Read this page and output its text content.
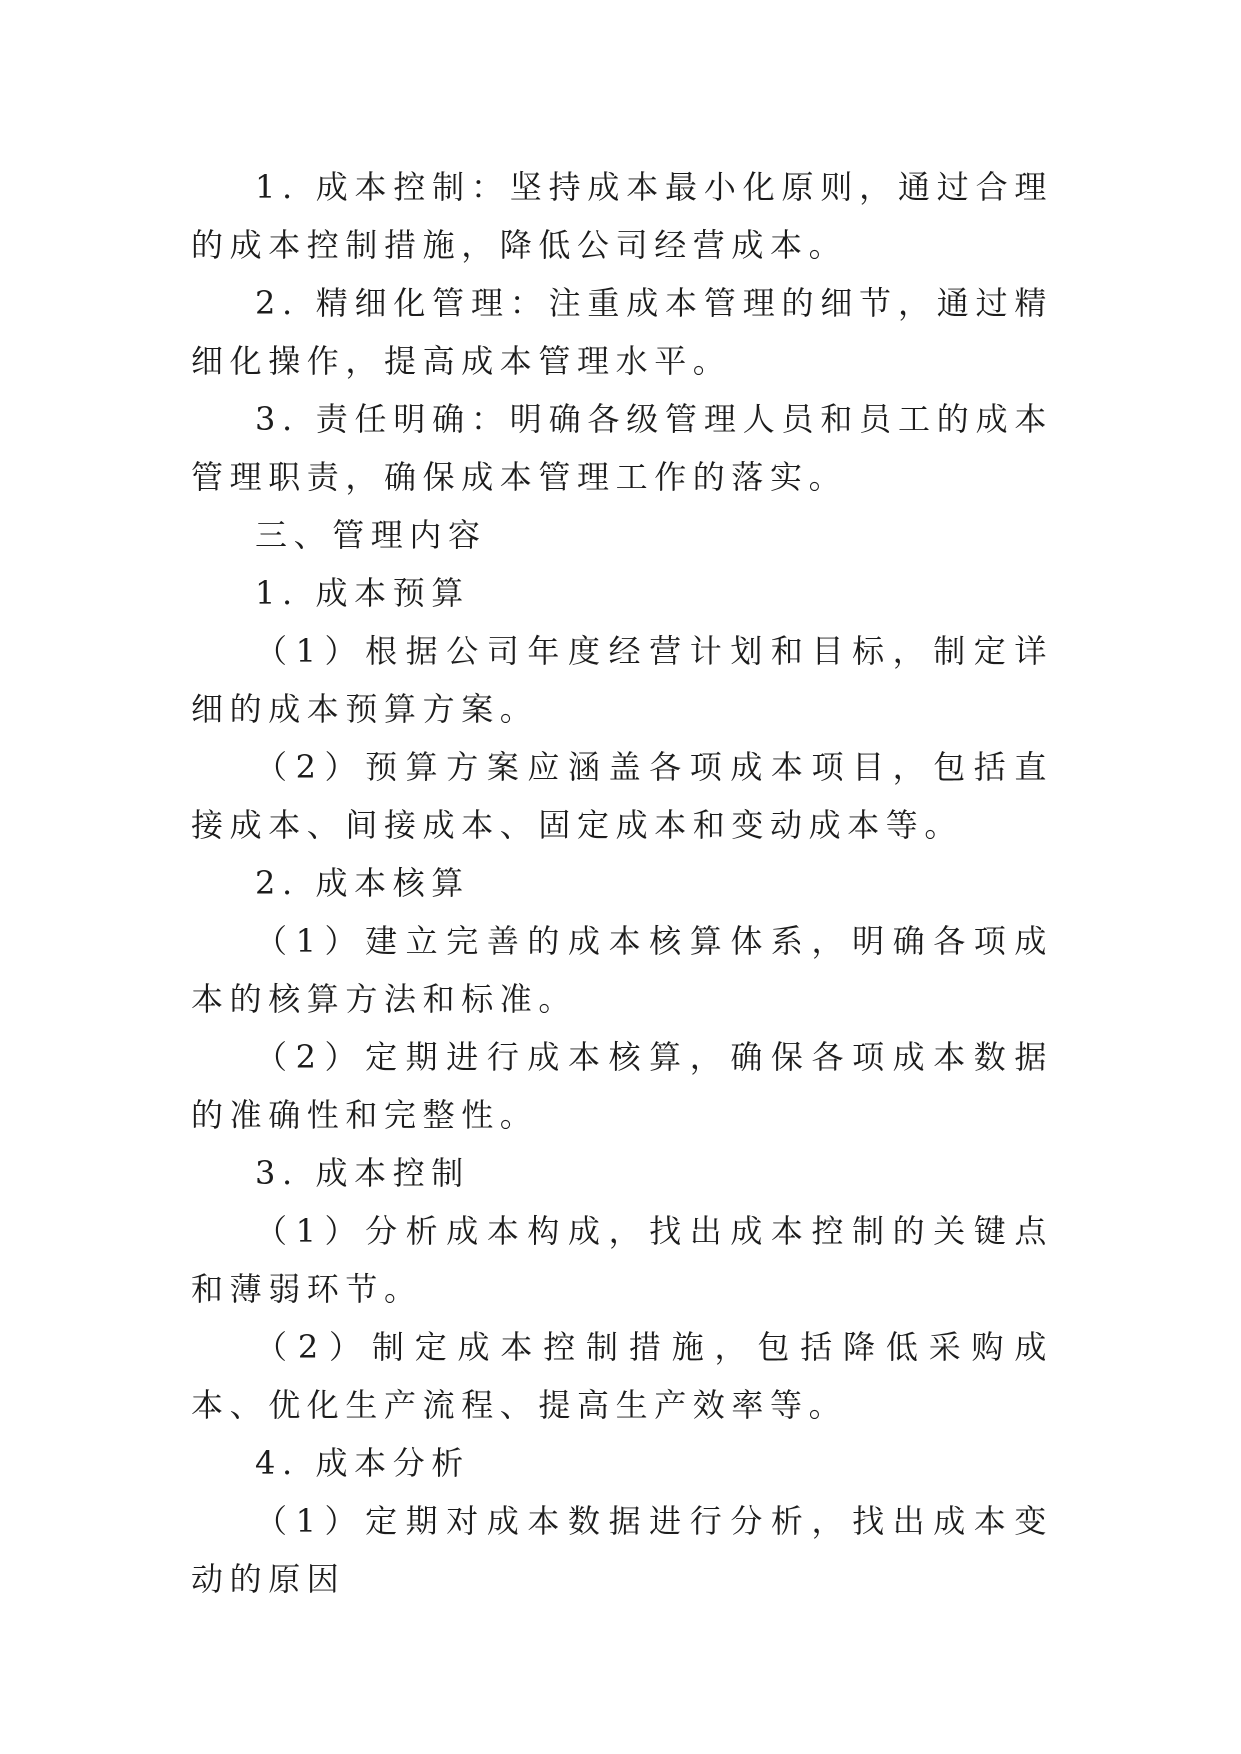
1. 成本控制：坚持成本最小化原则，通过合理的成本控制措施，降低公司经营成本。

2. 精细化管理：注重成本管理的细节，通过精细化操作，提高成本管理水平。

3. 责任明确：明确各级管理人员和员工的成本管理职责，确保成本管理工作的落实。

三、管理内容

1. 成本预算

（1）根据公司年度经营计划和目标，制定详细的成本预算方案。

（2）预算方案应涵盖各项成本项目，包括直接成本、间接成本、固定成本和变动成本等。

2. 成本核算

（1）建立完善的成本核算体系，明确各项成本的核算方法和标准。

（2）定期进行成本核算，确保各项成本数据的准确性和完整性。

3. 成本控制

（1）分析成本构成，找出成本控制的关键点和薄弱环节。

（2）制定成本控制措施，包括降低采购成本、优化生产流程、提高生产效率等。

4. 成本分析

（1）定期对成本数据进行分析，找出成本变动的原因
